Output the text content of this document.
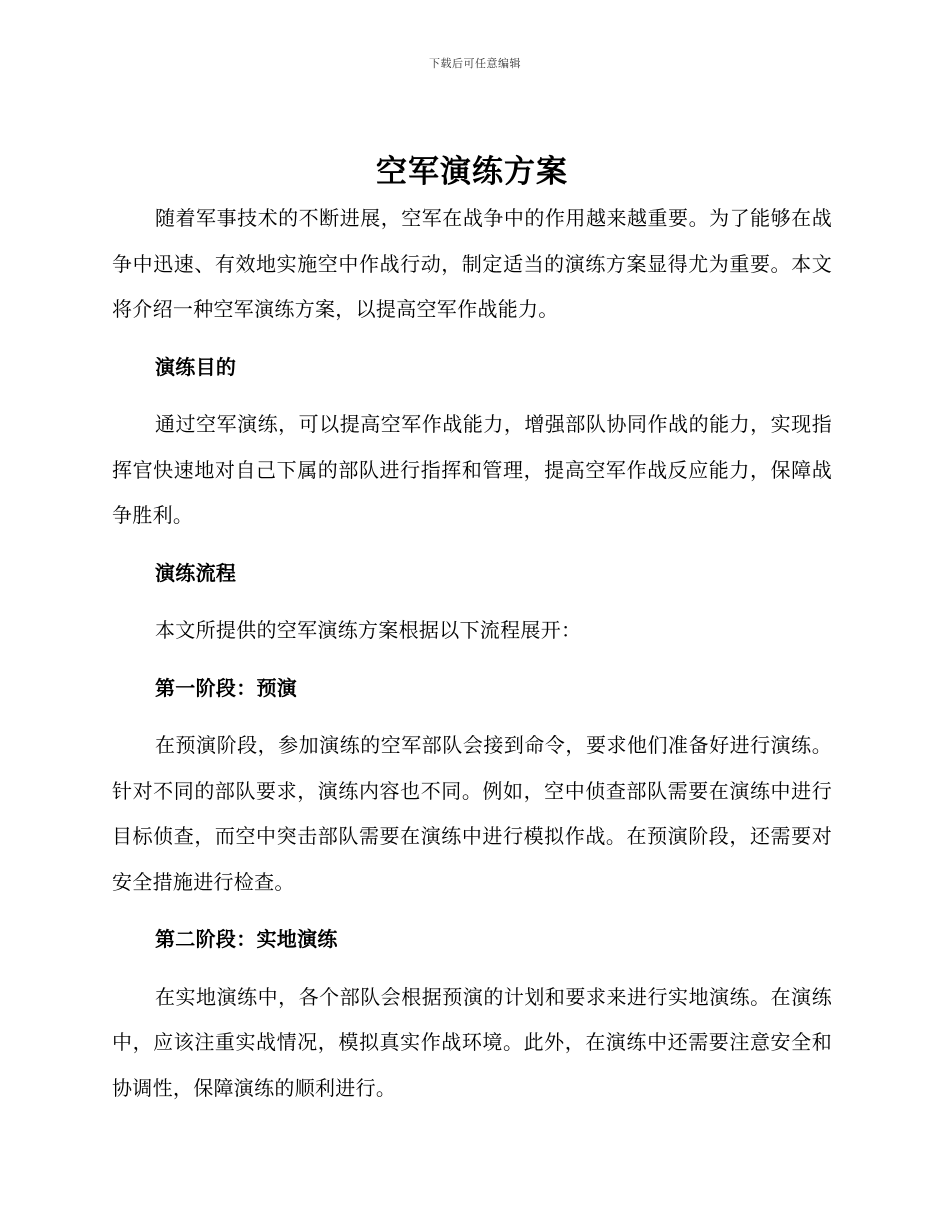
下载后可任意编辑
空军演练方案

随着军事技术的不断进展，空军在战争中的作用越来越重要。为了能够在战争中迅速、有效地实施空中作战行动，制定适当的演练方案显得尤为重要。本文将介绍一种空军演练方案，以提高空军作战能力。

演练目的

通过空军演练，可以提高空军作战能力，增强部队协同作战的能力，实现指挥官快速地对自己下属的部队进行指挥和管理，提高空军作战反应能力，保障战争胜利。

演练流程

本文所提供的空军演练方案根据以下流程展开：

第一阶段：预演

在预演阶段，参加演练的空军部队会接到命令，要求他们准备好进行演练。针对不同的部队要求，演练内容也不同。例如，空中侦查部队需要在演练中进行目标侦查，而空中突击部队需要在演练中进行模拟作战。在预演阶段，还需要对安全措施进行检查。

第二阶段：实地演练

在实地演练中，各个部队会根据预演的计划和要求来进行实地演练。在演练中，应该注重实战情况，模拟真实作战环境。此外，在演练中还需要注意安全和协调性，保障演练的顺利进行。
